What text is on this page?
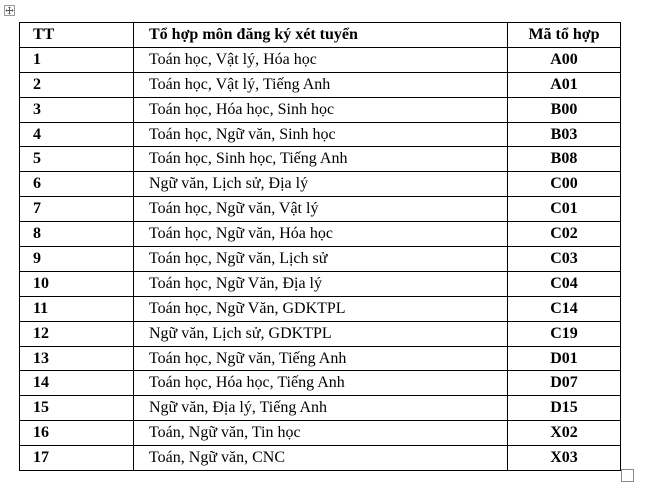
TT	Tổ hợp môn đăng ký xét tuyển	Mã tổ hợp
1	Toán học, Vật lý, Hóa học	A00
2	Toán học, Vật lý, Tiếng Anh	A01
3	Toán học, Hóa học, Sinh học	B00
4	Toán học, Ngữ văn, Sinh học	B03
5	Toán học, Sinh học, Tiếng Anh	B08
6	Ngữ văn, Lịch sử, Địa lý	C00
7	Toán học, Ngữ văn, Vật lý	C01
8	Toán học, Ngữ văn, Hóa học	C02
9	Toán học, Ngữ văn, Lịch sử	C03
10	Toán học, Ngữ Văn, Địa lý	C04
11	Toán học, Ngữ Văn, GDKTPL	C14
12	Ngữ văn, Lịch sử, GDKTPL	C19
13	Toán học, Ngữ văn, Tiếng Anh	D01
14	Toán học, Hóa học, Tiếng Anh	D07
15	Ngữ văn, Địa lý, Tiếng Anh	D15
16	Toán, Ngữ văn, Tin học	X02
17	Toán, Ngữ văn, CNC	X03
